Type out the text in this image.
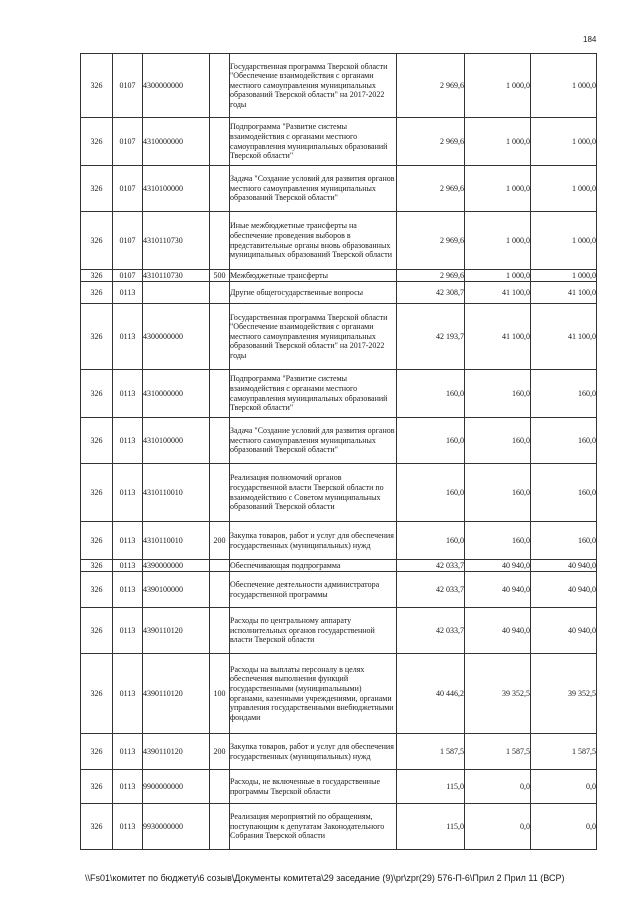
184
326	0107	4300000000		Государственная программа Тверской области "Обеспечение взаимодействия с органами местного самоуправления муниципальных образований Тверской области" на 2017-2022 годы	2 969,6	1 000,0	1 000,0
326	0107	4310000000		Подпрограмма "Развитие системы взаимодействия с органами местного самоуправления муниципальных образований Тверской области"	2 969,6	1 000,0	1 000,0
326	0107	4310100000		Задача "Создание условий для развития органов местного самоуправления муниципальных образований Тверской области"	2 969,6	1 000,0	1 000,0
326	0107	4310110730		Иные межбюджетные трансферты на обеспечение проведения выборов в представительные органы вновь образованных муниципальных образований Тверской области	2 969,6	1 000,0	1 000,0
326	0107	4310110730	500	Межбюджетные трансферты	2 969,6	1 000,0	1 000,0
326	0113			Другие общегосударственные вопросы	42 308,7	41 100,0	41 100,0
326	0113	4300000000		Государственная программа Тверской области "Обеспечение взаимодействия с органами местного самоуправления муниципальных образований Тверской области" на 2017-2022 годы	42 193,7	41 100,0	41 100,0
326	0113	4310000000		Подпрограмма "Развитие системы взаимодействия с органами местного самоуправления муниципальных образований Тверской области"	160,0	160,0	160,0
326	0113	4310100000		Задача "Создание условий для развития органов местного самоуправления муниципальных образований Тверской области"	160,0	160,0	160,0
326	0113	4310110010		Реализация полномочий органов государственной власти Тверской области по взаимодействию с Советом муниципальных образований Тверской области	160,0	160,0	160,0
326	0113	4310110010	200	Закупка товаров, работ и услуг для обеспечения государственных (муниципальных) нужд	160,0	160,0	160,0
326	0113	4390000000		Обеспечивающая подпрограмма	42 033,7	40 940,0	40 940,0
326	0113	4390100000		Обеспечение деятельности администратора государственной программы	42 033,7	40 940,0	40 940,0
326	0113	4390110120		Расходы по центральному аппарату исполнительных органов государственной власти Тверской области	42 033,7	40 940,0	40 940,0
326	0113	4390110120	100	Расходы на выплаты персоналу в целях обеспечения выполнения функций государственными (муниципальными) органами, казенными учреждениями, органами управления государственными внебюджетными фондами	40 446,2	39 352,5	39 352,5
326	0113	4390110120	200	Закупка товаров, работ и услуг для обеспечения государственных (муниципальных) нужд	1 587,5	1 587,5	1 587,5
326	0113	9900000000		Расходы, не включенные в государственные программы Тверской области	115,0	0,0	0,0
326	0113	9930000000		Реализация мероприятий по обращениям, поступающим к депутатам Законодательного Собрания Тверской области	115,0	0,0	0,0
\\Fs01\комитет по бюджету\6 созыв\Документы комитета\29 заседание (9)\pr\zpr(29) 576-П-6\Прил 2 Прил 11 (ВСР)
